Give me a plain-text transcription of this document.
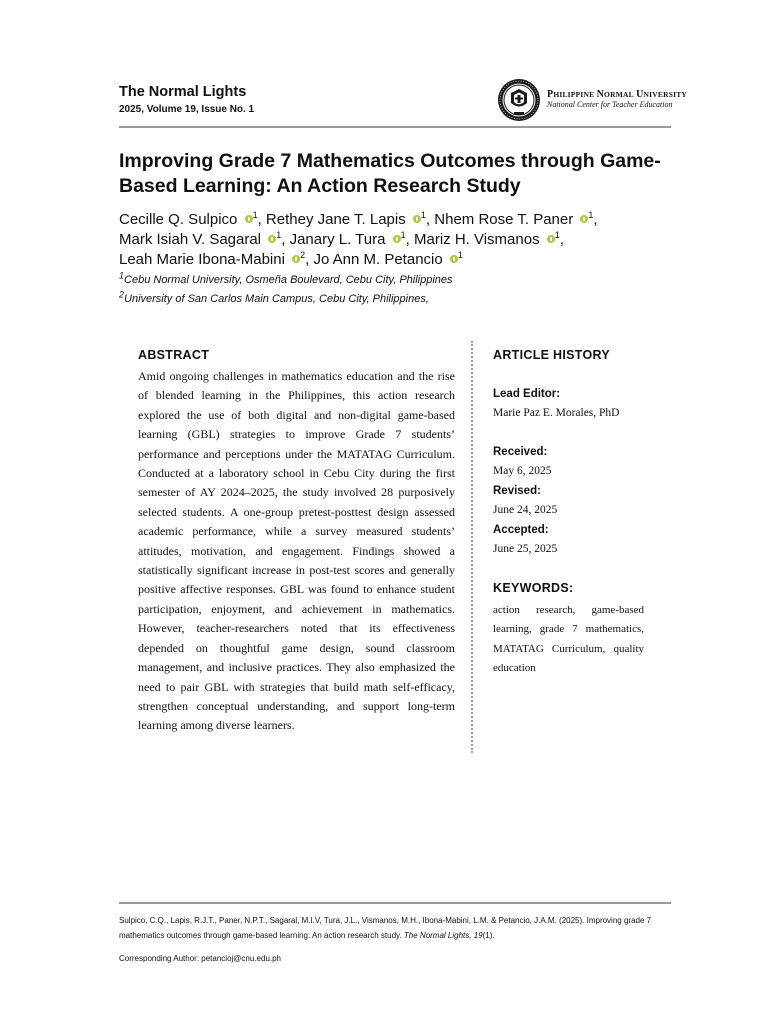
The Normal Lights
2025, Volume 19, Issue No. 1
PHILIPPINE NORMAL UNIVERSITY
National Center for Teacher Education
Improving Grade 7 Mathematics Outcomes through Game-Based Learning: An Action Research Study
Cecille Q. Sulpico $^1$, Rethey Jane T. Lapis $^1$, Nhem Rose T. Paner $^1$,
Mark Isiah V. Sagaral $^1$, Janary L. Tura $^1$, Mariz H. Vismanos $^1$,
Leah Marie Ibona-Mabini $^2$, Jo Ann M. Petancio $^1$
$^1$Cebu Normal University, Osmeña Boulevard, Cebu City, Philippines
$^2$University of San Carlos Main Campus, Cebu City, Philippines,
ABSTRACT

Amid ongoing challenges in mathematics education and the rise of blended learning in the Philippines, this action research explored the use of both digital and non-digital game-based learning (GBL) strategies to improve Grade 7 students’ performance and perceptions under the MATATAG Curriculum. Conducted at a laboratory school in Cebu City during the first semester of AY 2024–2025, the study involved 28 purposively selected students. A one-group pretest-posttest design assessed academic performance, while a survey measured students’ attitudes, motivation, and engagement. Findings showed a statistically significant increase in post-test scores and generally positive affective responses. GBL was found to enhance student participation, enjoyment, and achievement in mathematics. However, teacher-researchers noted that its effectiveness depended on thoughtful game design, sound classroom management, and inclusive practices. They also emphasized the need to pair GBL with strategies that build math self-efficacy, strengthen conceptual understanding, and support long-term learning among diverse learners.

ARTICLE HISTORY
Lead Editor:
Marie Paz E. Morales, PhD
Received:
May 6, 2025
Revised:
June 24, 2025
Accepted:
June 25, 2025
KEYWORDS:

action research, game-based learning, grade 7 mathematics, MATATAG Curriculum, quality education

Sulpico, C.Q., Lapis, R.J.T., Paner, N.P.T., Sagaral, M.I.V, Tura, J.L., Vismanos, M.H., Ibona-Mabini, L.M. & Petancio, J.A.M. (2025). Improving grade 7 mathematics outcomes through game-based learning: An action research study. The Normal Lights, 19(1).
Corresponding Author: petancioj@cnu.edu.ph
